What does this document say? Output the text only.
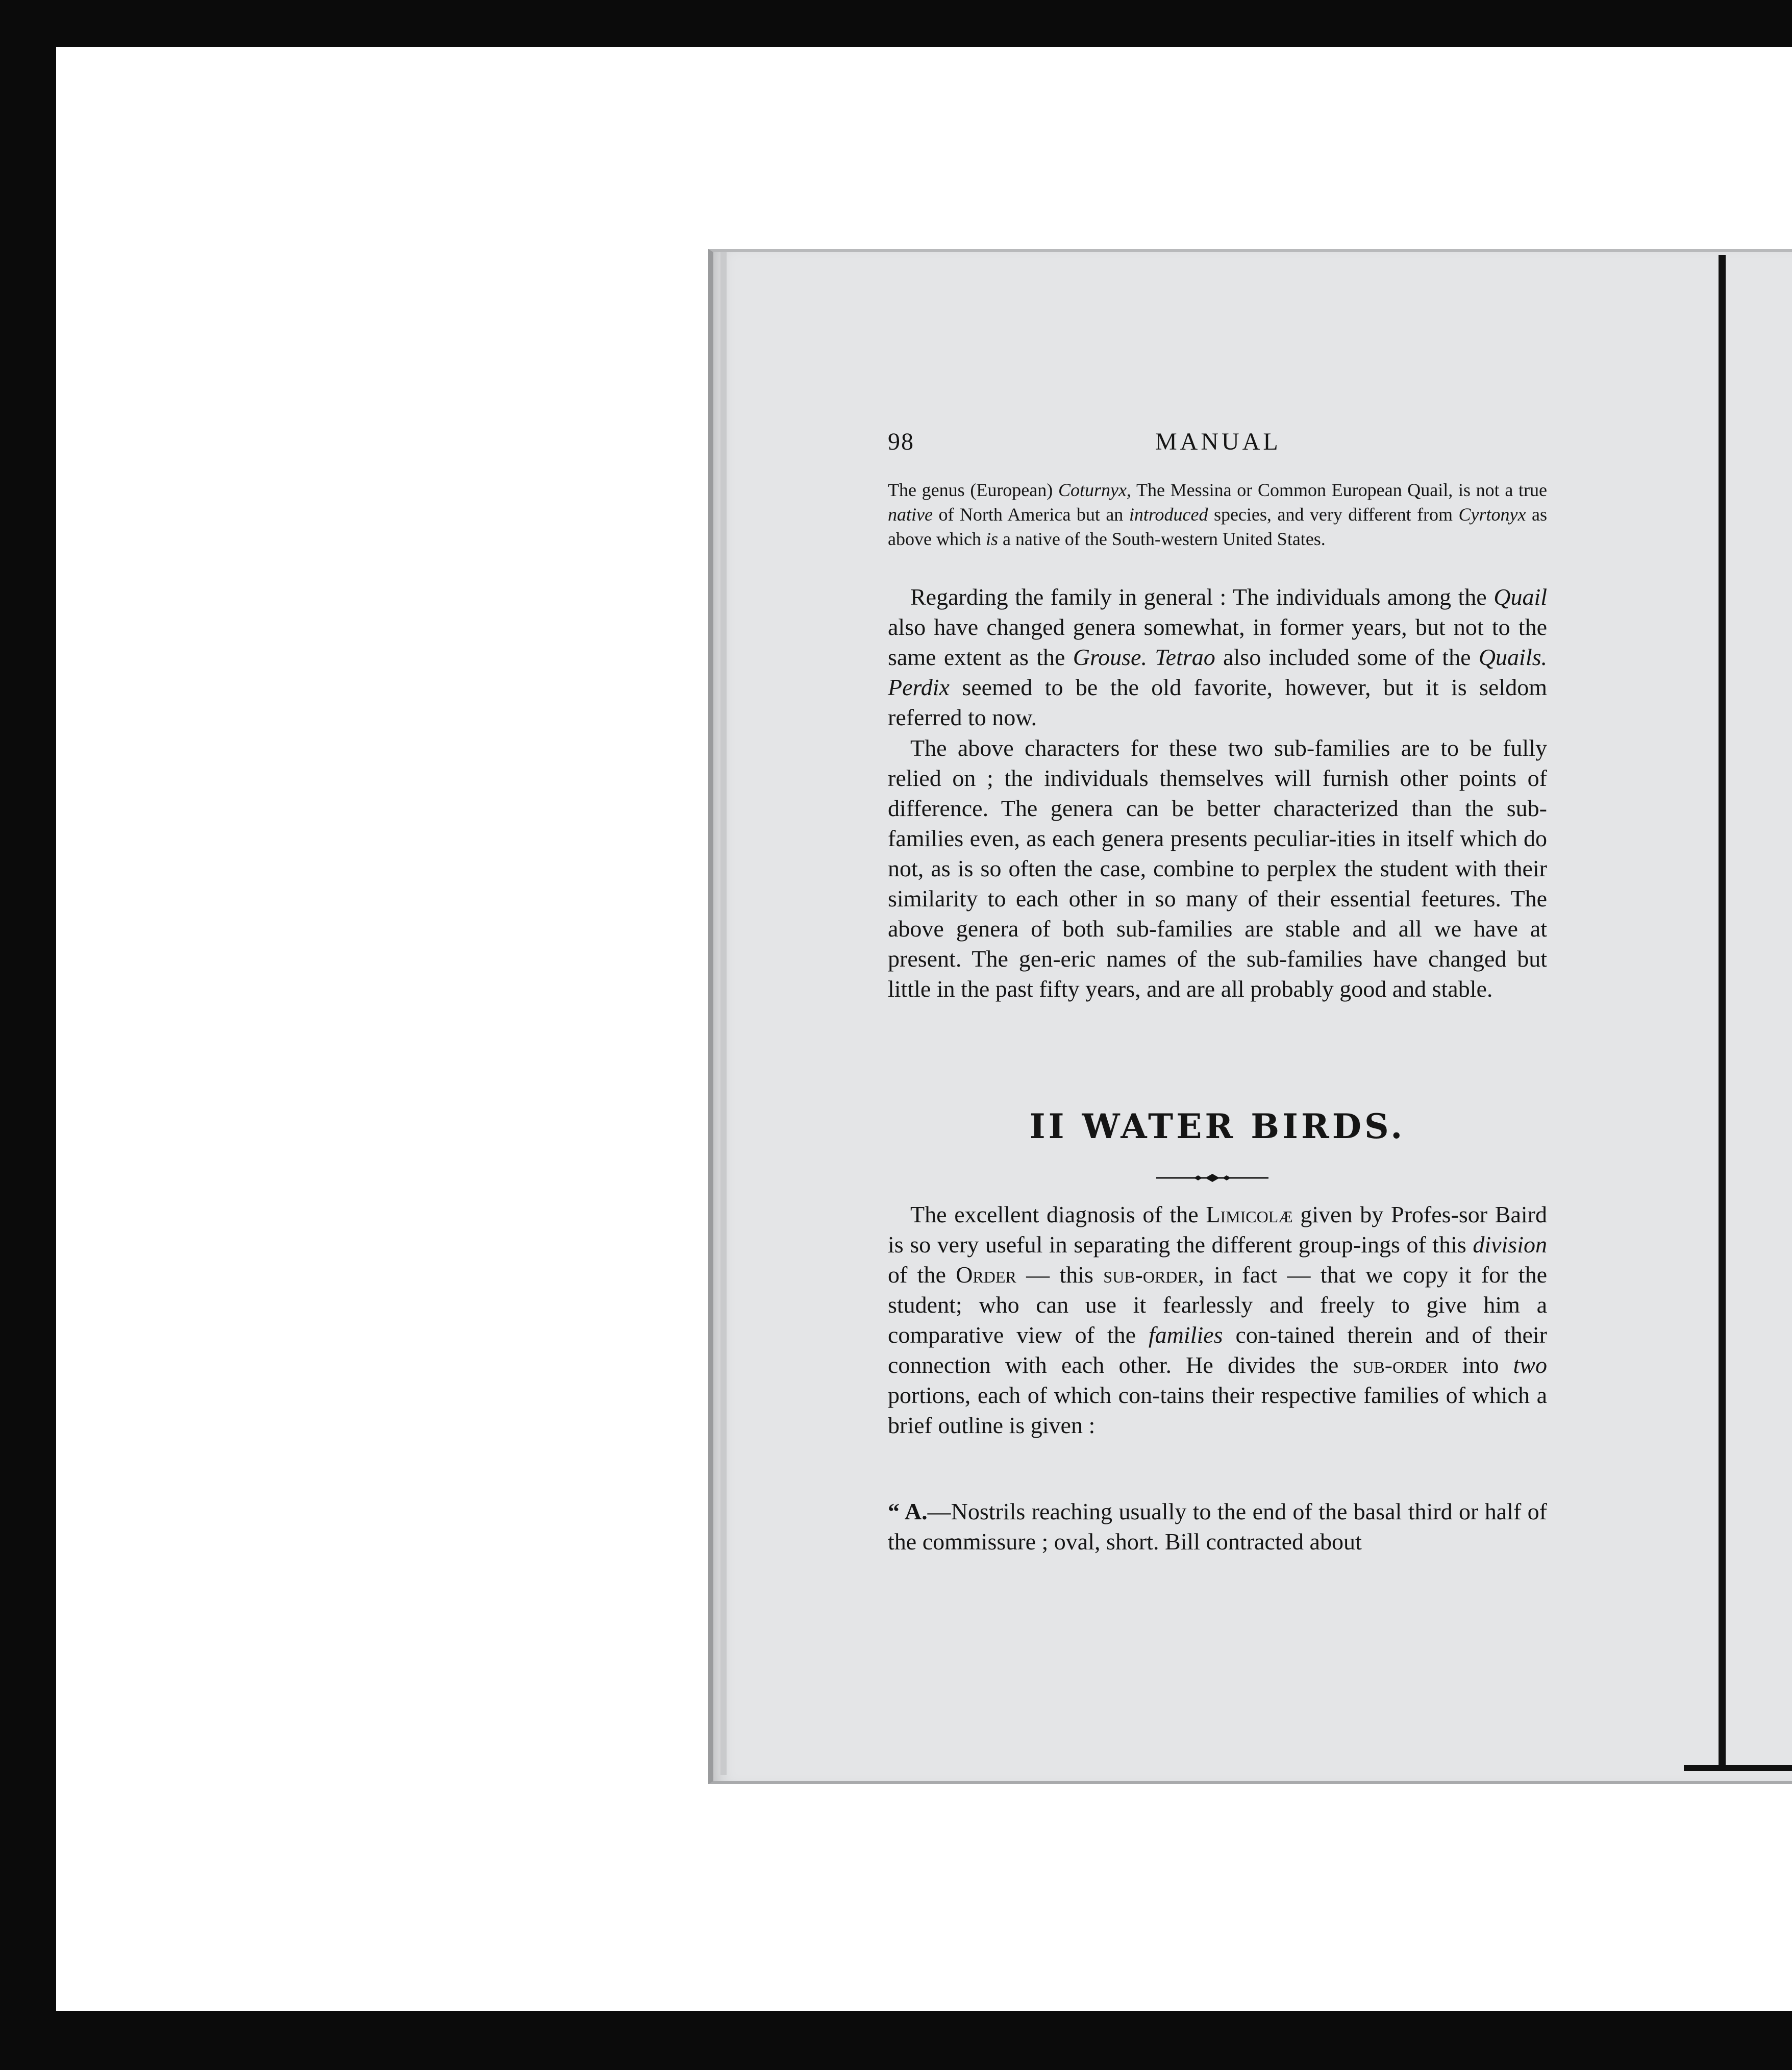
98	MANUAL
The genus (European) Coturnyx, The Messina or Common European Quail, is not a true native of North America but an introduced species, and very different from Cyrtonyx as above which is a native of the South-western United States.
Regarding the family in general : The individuals among the Quail also have changed genera somewhat, in former years, but not to the same extent as the Grouse. Tetrao also included some of the Quails. Perdix seemed to be the old favorite, however, but it is seldom referred to now.
The above characters for these two sub-families are to be fully relied on ; the individuals themselves will furnish other points of difference. The genera can be better characterized than the sub-families even, as each genera presents peculiar-ities in itself which do not, as is so often the case, combine to perplex the student with their similarity to each other in so many of their essential feetures. The above genera of both sub-families are stable and all we have at present. The gen-eric names of the sub-families have changed but little in the past fifty years, and are all probably good and stable.
II WATER BIRDS.
The excellent diagnosis of the Limicolæ given by Profes-sor Baird is so very useful in separating the different group-ings of this division of the Order — this sub-order, in fact — that we copy it for the student; who can use it fearlessly and freely to give him a comparative view of the families con-tained therein and of their connection with each other. He divides the sub-order into two portions, each of which con-tains their respective families of which a brief outline is given :
“ A.—Nostrils reaching usually to the end of the basal third or half of the commissure ; oval, short. Bill contracted about
